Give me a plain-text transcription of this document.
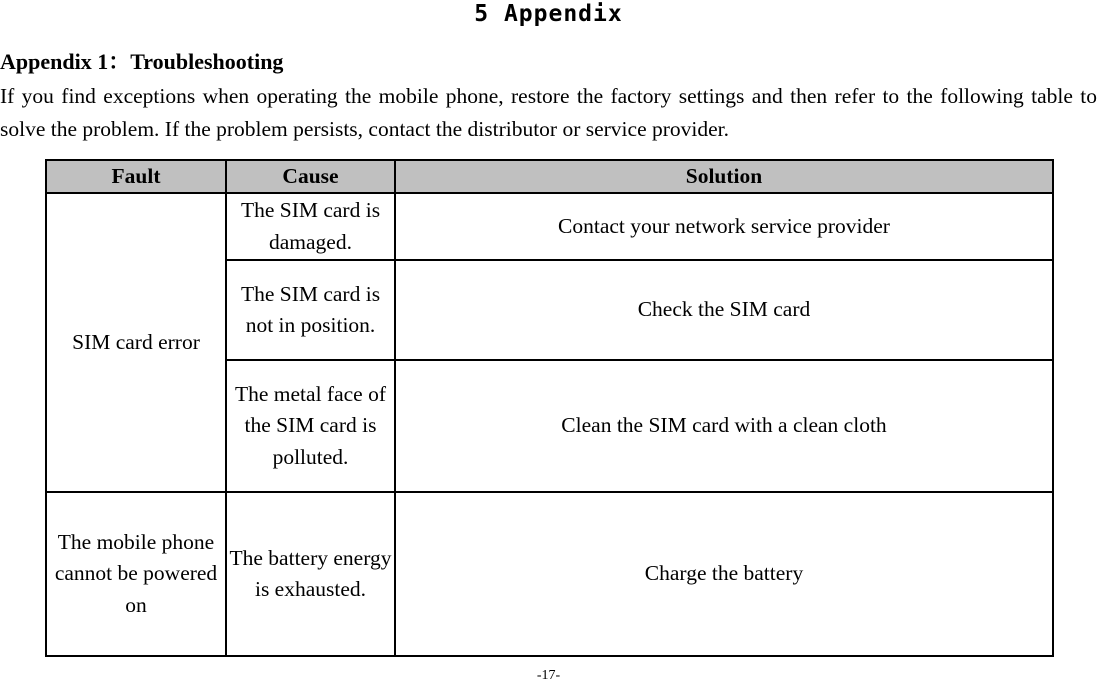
5 Appendix
Appendix 1：Troubleshooting
If you find exceptions when operating the mobile phone, restore the factory settings and then refer to the following table to solve the problem. If the problem persists, contact the distributor or service provider.
Fault	Cause	Solution
SIM card error	The SIM card is damaged.	Contact your network service provider
	The SIM card is not in position.	Check the SIM card
	The metal face of the SIM card is polluted.	Clean the SIM card with a clean cloth
The mobile phone cannot be powered on	The battery energy is exhausted.	Charge the battery
-17-
